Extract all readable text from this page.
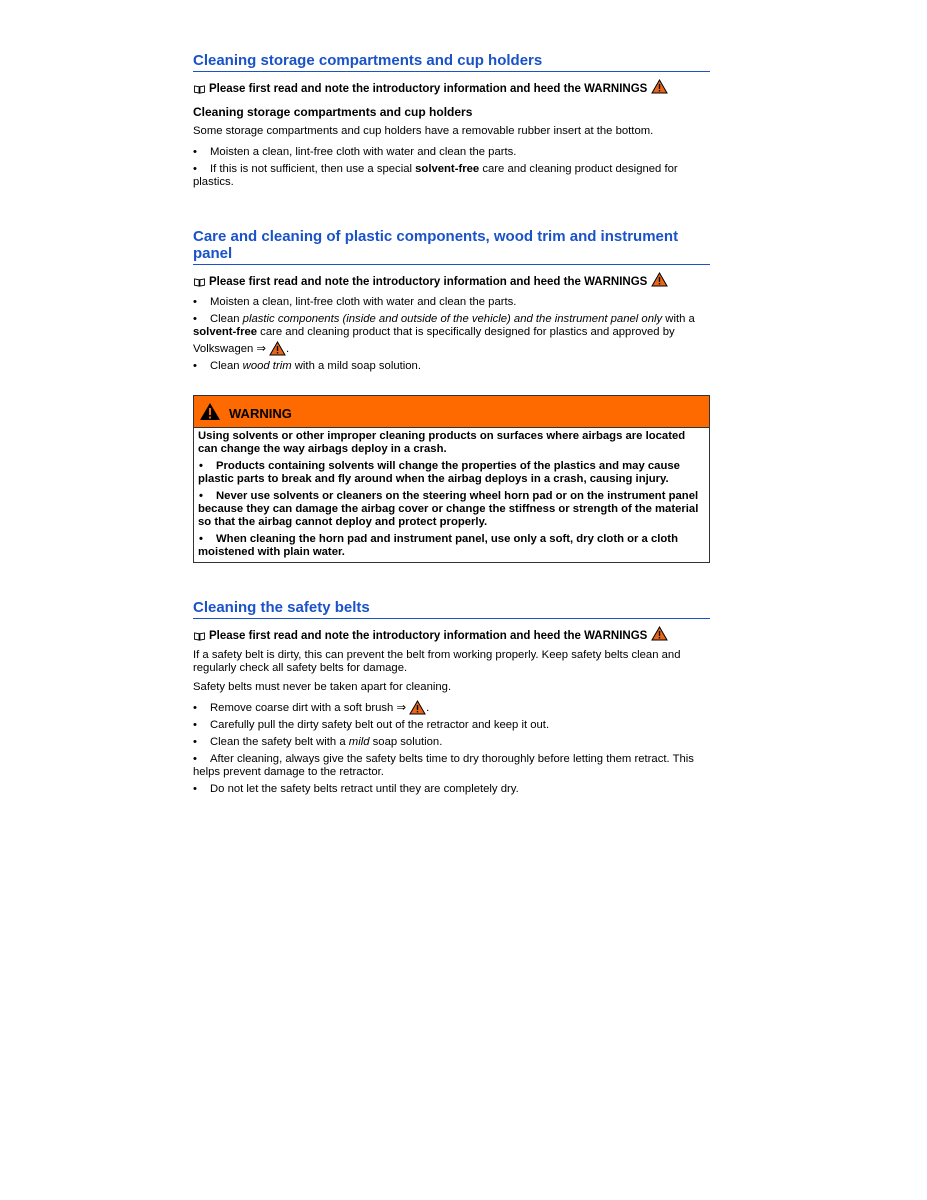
Cleaning storage compartments and cup holders
Please first read and note the introductory information and heed the WARNINGS
Cleaning storage compartments and cup holders
Some storage compartments and cup holders have a removable rubber insert at the bottom.
• Moisten a clean, lint-free cloth with water and clean the parts.
• If this is not sufficient, then use a special solvent-free care and cleaning product designed for plastics.
Care and cleaning of plastic components, wood trim and instrument panel
Please first read and note the introductory information and heed the WARNINGS
• Moisten a clean, lint-free cloth with water and clean the parts.
• Clean plastic components (inside and outside of the vehicle) and the instrument panel only with a solvent-free care and cleaning product that is specifically designed for plastics and approved by
Volkswagen ⇒
.
• Clean wood trim with a mild soap solution.
WARNING

Using solvents or other improper cleaning products on surfaces where airbags are located can change the way airbags deploy in a crash.

• Products containing solvents will change the properties of the plastics and may cause plastic parts to break and fly around when the airbag deploys in a crash, causing injury.

• Never use solvents or cleaners on the steering wheel horn pad or on the instrument panel because they can damage the airbag cover or change the stiffness or strength of the material so that the airbag cannot deploy and protect properly.

• When cleaning the horn pad and instrument panel, use only a soft, dry cloth or a cloth moistened with plain water.

Cleaning the safety belts
Please first read and note the introductory information and heed the WARNINGS
If a safety belt is dirty, this can prevent the belt from working properly. Keep safety belts clean and regularly check all safety belts for damage.
Safety belts must never be taken apart for cleaning.
•	Remove coarse dirt with a soft brush ⇒
.
• Carefully pull the dirty safety belt out of the retractor and keep it out.
• Clean the safety belt with a mild soap solution.
• After cleaning, always give the safety belts time to dry thoroughly before letting them retract. This helps prevent damage to the retractor.
• Do not let the safety belts retract until they are completely dry.
